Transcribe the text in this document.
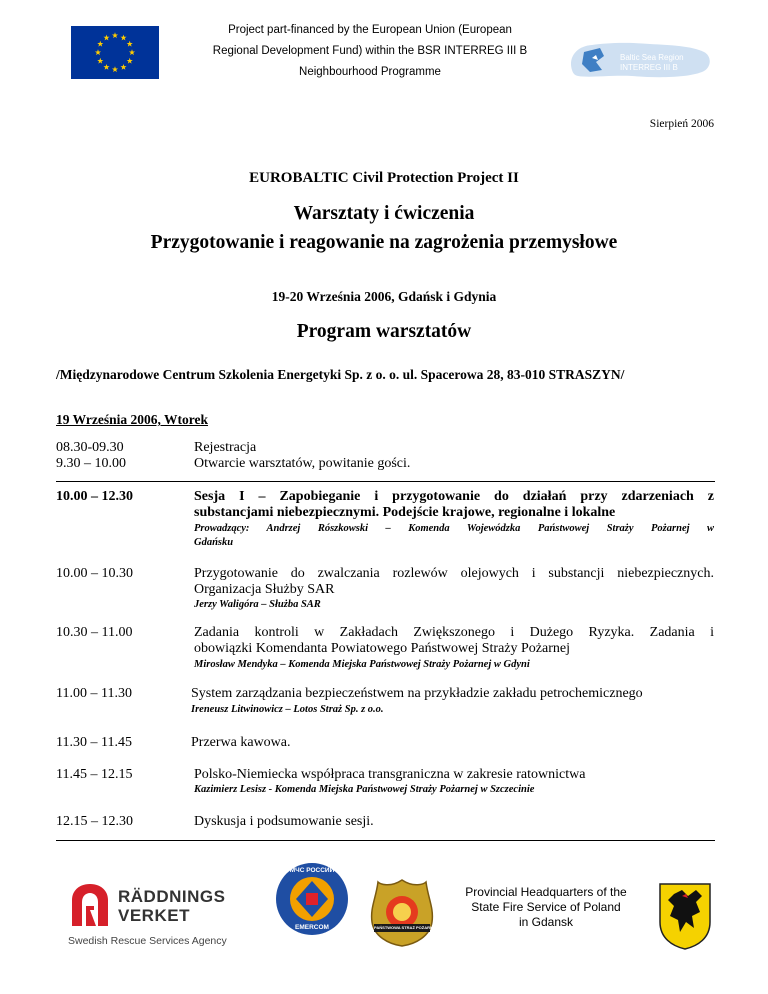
Project part-financed by the European Union (European
Regional Development Fund) within the BSR INTERREG III B
Neighbourhood Programme
Baltic Sea Region
INTERREG III B
Sierpień 2006
EUROBALTIC Civil Protection Project II
Warsztaty i ćwiczenia
Przygotowanie i reagowanie na zagrożenia przemysłowe
19-20 Września 2006, Gdańsk i Gdynia
Program warsztatów
/Międzynarodowe Centrum Szkolenia Energetyki Sp. z o. o. ul. Spacerowa 28, 83-010 STRASZYN/
19 Września 2006, Wtorek
08.30-09.30	Rejestracja
9.30 – 10.00	Otwarcie warsztatów, powitanie gości.
10.00 – 12.30	Sesja I – Zapobieganie i przygotowanie do działań przy zdarzeniach z
substancjami niebezpiecznymi. Podejście krajowe, regionalne i lokalne
Prowadzący: Andrzej Rószkowski – Komenda Wojewódzka Państwowej Straży Pożarnej w
Gdańsku
10.00 – 10.30	Przygotowanie do zwalczania rozlewów olejowych i substancji niebezpiecznych.
Organizacja Służby SAR
Jerzy Waligóra – Służba SAR
10.30 – 11.00	Zadania kontroli w Zakładach Zwiększonego i Dużego Ryzyka. Zadania i
obowiązki Komendanta Powiatowego Państwowej Straży Pożarnej
Mirosław Mendyka – Komenda Miejska Państwowej Straży Pożarnej w Gdyni
11.00 – 11.30	System zarządzania bezpieczeństwem na przykładzie zakładu petrochemicznego
Ireneusz Litwinowicz – Lotos Straż Sp. z o.o.
11.30 – 11.45	Przerwa kawowa.
11.45 – 12.15	Polsko-Niemiecka współpraca transgraniczna w zakresie ratownictwa
Kazimierz Lesisz - Komenda Miejska Państwowej Straży Pożarnej w Szczecinie
12.15 – 12.30	Dyskusja i podsumowanie sesji.
RÄDDNINGS
VERKET
Swedish Rescue Services Agency
МЧС РОССИИ
EMERCOM	PAŃSTWOWA STRAŻ POŻARNA
Provincial Headquarters of the
State Fire Service of Poland
in Gdansk
